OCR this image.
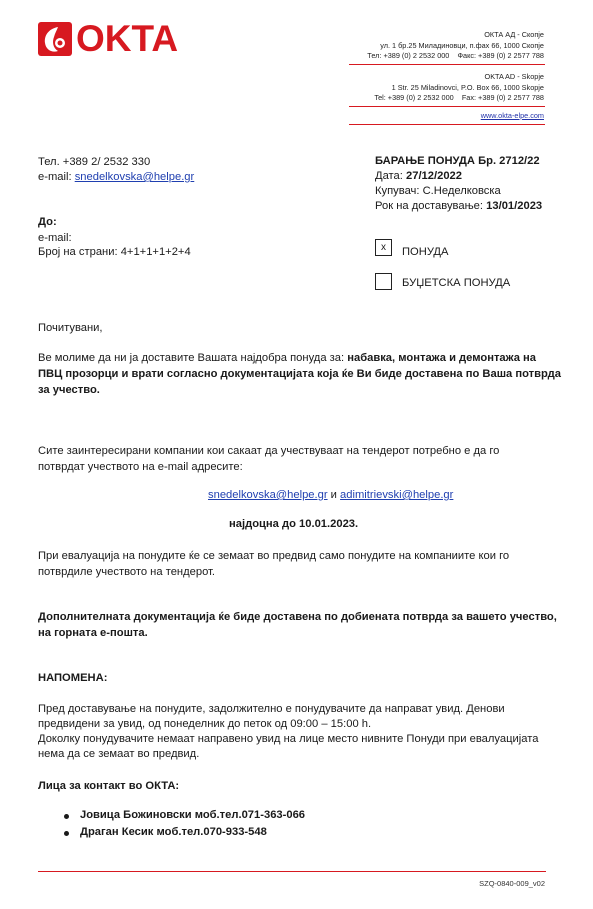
OKTA	ОКТА АД - Скопје
ул. 1 бр.25 Миладиновци, п.фах 66, 1000 Скопје
Тел: +389 (0) 2 2532 000    Факс: +389 (0) 2 2577 788
OKTA AD - Skopje
1 Str. 25 Miladinovci, P.O. Box 66, 1000 Skopje
Tel: +389 (0) 2 2532 000    Fax: +389 (0) 2 2577 788
www.okta-elpe.com
Тел. +389 2/ 2532 330
e-mail: snedelkovska@helpe.gr
БАРАЊЕ ПОНУДА Бр. 2712/22
Дата: 27/12/2022
Купувач: С.Неделковска
Рок на доставување: 13/01/2023
До:
e-mail:
Број на страни: 4+1+1+1+2+4	x	ПОНУДА
БУЏЕТСКА ПОНУДА
Почитувани,
Ве молиме да ни ја доставите Вашата најдобра понуда за: набавка, монтажа и демонтажа на
ПВЦ прозорци и врати согласно документацијата која ќе Ви биде доставена по Ваша потврда
за учество.
Сите заинтересирани компании кои сакаат да учествуваат на тендерот потребно е да го
потврдат учеството на e-mail адресите:
snedelkovska@helpe.gr и adimitrievski@helpe.gr
најдоцна до 10.01.2023.
При евалуација на понудите ќе се земаат во предвид само понудите на компаниите кои го
потврдиле учеството на тендерот.
Дополнителната документација ќе биде доставена по добиената потврда за вашето учество,
на горната е-пошта.
НАПОМЕНА:
Пред доставување на понудите, задолжително е понудувачите да направат увид. Денови
предвидени за увид, од понеделник до петок од 09:00 – 15:00 h.
Доколку понудувачите немаат направено увид на лице место нивните Понуди при евалуацијата
нема да се земаат во предвид.
Лица за контакт во ОКТА:
Јовица Божиновски моб.тел.071-363-066
Драган Кесик моб.тел.070-933-548
SZQ-0840-009_v02
